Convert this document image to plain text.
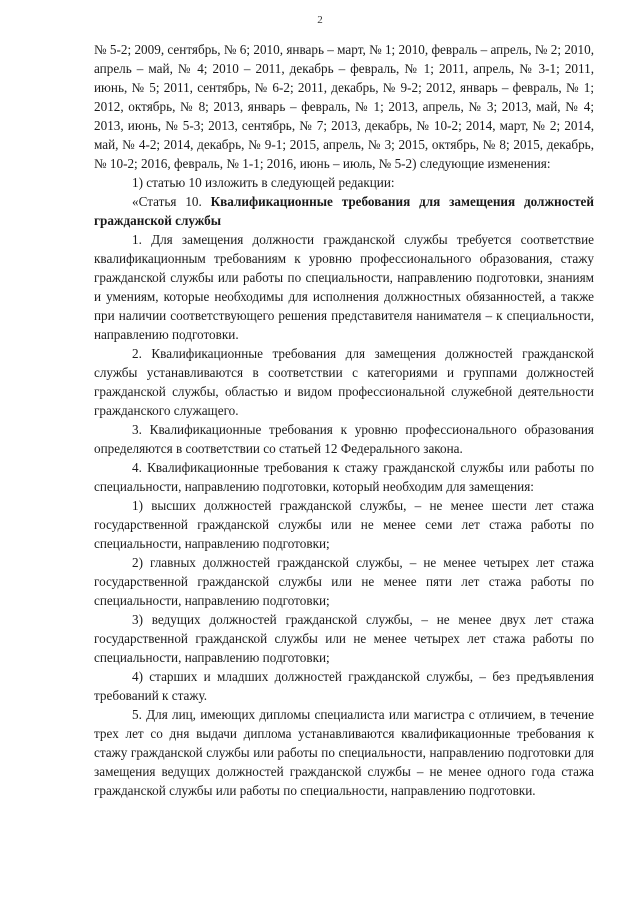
2

№ 5-2; 2009, сентябрь, № 6; 2010, январь – март, № 1; 2010, февраль – апрель, № 2; 2010, апрель – май, № 4; 2010 – 2011, декабрь – февраль, № 1; 2011, апрель, № 3-1; 2011, июнь, № 5; 2011, сентябрь, № 6-2; 2011, декабрь, № 9-2; 2012, январь – февраль, № 1; 2012, октябрь, № 8; 2013, январь – февраль, № 1; 2013, апрель, № 3; 2013, май, № 4; 2013, июнь, № 5-3; 2013, сентябрь, № 7; 2013, декабрь, № 10-2; 2014, март, № 2; 2014, май, № 4-2; 2014, декабрь, № 9-1; 2015, апрель, № 3; 2015, октябрь, № 8; 2015, декабрь, № 10-2; 2016, февраль, № 1-1; 2016, июнь – июль, № 5-2) следующие изменения:

1) статью 10 изложить в следующей редакции:

«Статья 10. Квалификационные требования для замещения должностей гражданской службы

1. Для замещения должности гражданской службы требуется соответствие квалификационным требованиям к уровню профессионального образования, стажу гражданской службы или работы по специальности, направлению подготовки, знаниям и умениям, которые необходимы для исполнения должностных обязанностей, а также при наличии соответствующего решения представителя нанимателя – к специальности, направлению подготовки.

2. Квалификационные требования для замещения должностей гражданской службы устанавливаются в соответствии с категориями и группами должностей гражданской службы, областью и видом профессиональной служебной деятельности гражданского служащего.

3. Квалификационные требования к уровню профессионального образования определяются в соответствии со статьей 12 Федерального закона.

4. Квалификационные требования к стажу гражданской службы или работы по специальности, направлению подготовки, который необходим для замещения:

1) высших должностей гражданской службы, – не менее шести лет стажа государственной гражданской службы или не менее семи лет стажа работы по специальности, направлению подготовки;

2) главных должностей гражданской службы, – не менее четырех лет стажа государственной гражданской службы или не менее пяти лет стажа работы по специальности, направлению подготовки;

3) ведущих должностей гражданской службы, – не менее двух лет стажа государственной гражданской службы или не менее четырех лет стажа работы по специальности, направлению подготовки;

4) старших и младших должностей гражданской службы, – без предъявления требований к стажу.

5. Для лиц, имеющих дипломы специалиста или магистра с отличием, в течение трех лет со дня выдачи диплома устанавливаются квалификационные требования к стажу гражданской службы или работы по специальности, направлению подготовки для замещения ведущих должностей гражданской службы – не менее одного года стажа гражданской службы или работы по специальности, направлению подготовки.
